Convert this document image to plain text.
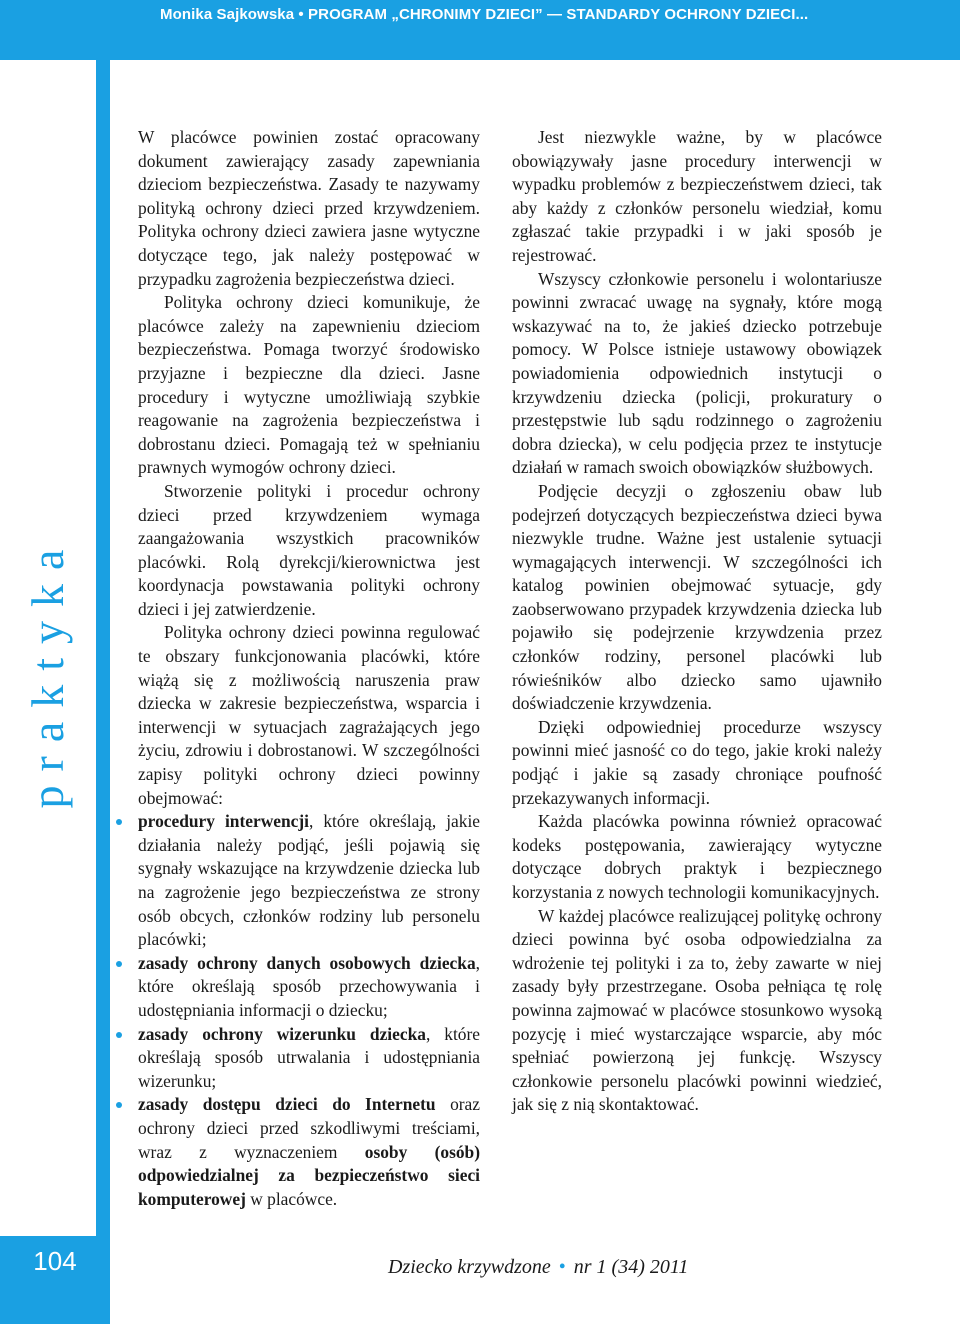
Monika Sajkowska • PROGRAM „CHRONIMY DZIECI” — STANDARDY OCHRONY DZIECI...
praktyka
104

W placówce powinien zostać opracowany dokument zawierający zasady zapewniania dzieciom bezpieczeństwa. Zasady te nazywamy polityką ochrony dzieci przed krzywdzeniem. Polityka ochrony dzieci zawiera jasne wytyczne dotyczące tego, jak należy postępować w przypadku zagrożenia bezpieczeństwa dzieci.

Polityka ochrony dzieci komunikuje, że placówce zależy na zapewnieniu dzieciom bezpieczeństwa. Pomaga tworzyć środowisko przyjazne i bezpieczne dla dzieci. Jasne procedury i wytyczne umożliwiają szybkie reagowanie na zagrożenia bezpieczeństwa i dobrostanu dzieci. Pomagają też w spełnianiu prawnych wymogów ochrony dzieci.

Stworzenie polityki i procedur ochrony dzieci przed krzywdzeniem wymaga zaangażowania wszystkich pracowników placówki. Rolą dyrekcji/kierownictwa jest koordynacja powstawania polityki ochrony dzieci i jej zatwierdzenie.

Polityka ochrony dzieci powinna regulować te obszary funkcjonowania placówki, które wiążą się z możliwością naruszenia praw dziecka w zakresie bezpieczeństwa, wsparcia i interwencji w sytuacjach zagrażających jego życiu, zdrowiu i dobrostanowi. W szczególności zapisy polityki ochrony dzieci powinny obejmować:

procedury interwencji, które określają, jakie działania należy podjąć, jeśli pojawią się sygnały wskazujące na krzywdzenie dziecka lub na zagrożenie jego bezpieczeństwa ze strony osób obcych, członków rodziny lub personelu placówki;
zasady ochrony danych osobowych dziecka, które określają sposób przechowywania i udostępniania informacji o dziecku;
zasady ochrony wizerunku dziecka, które określają sposób utrwalania i udostępniania wizerunku;
zasady dostępu dzieci do Internetu oraz ochrony dzieci przed szkodliwymi treściami, wraz z wyznaczeniem osoby (osób) odpowiedzialnej za bezpieczeństwo sieci komputerowej w placówce.

Jest niezwykle ważne, by w placówce obowiązywały jasne procedury interwencji w wypadku problemów z bezpieczeństwem dzieci, tak aby każdy z członków personelu wiedział, komu zgłaszać takie przypadki i w jaki sposób je rejestrować.

Wszyscy członkowie personelu i wolontariusze powinni zwracać uwagę na sygnały, które mogą wskazywać na to, że jakieś dziecko potrzebuje pomocy. W Polsce istnieje ustawowy obowiązek powiadomienia odpowiednich instytucji o krzywdzeniu dziecka (policji, prokuratury o przestępstwie lub sądu rodzinnego o zagrożeniu dobra dziecka), w celu podjęcia przez te instytucje działań w ramach swoich obowiązków służbowych.

Podjęcie decyzji o zgłoszeniu obaw lub podejrzeń dotyczących bezpieczeństwa dzieci bywa niezwykle trudne. Ważne jest ustalenie sytuacji wymagających interwencji. W szczególności ich katalog powinien obejmować sytuacje, gdy zaobserwowano przypadek krzywdzenia dziecka lub pojawiło się podejrzenie krzywdzenia przez członków rodziny, personel placówki lub rówieśników albo dziecko samo ujawniło doświadczenie krzywdzenia.

Dzięki odpowiedniej procedurze wszyscy powinni mieć jasność co do tego, jakie kroki należy podjąć i jakie są zasady chroniące poufność przekazywanych informacji.

Każda placówka powinna również opracować kodeks postępowania, zawierający wytyczne dotyczące dobrych praktyk i bezpiecznego korzystania z nowych technologii komunikacyjnych.

W każdej placówce realizującej politykę ochrony dzieci powinna być osoba odpowiedzialna za wdrożenie tej polityki i za to, żeby zawarte w niej zasady były przestrzegane. Osoba pełniąca tę rolę powinna zajmować w placówce stosunkowo wysoką pozycję i mieć wystarczające wsparcie, aby móc spełniać powierzoną jej funkcję. Wszyscy członkowie personelu placówki powinni wiedzieć, jak się z nią skontaktować.

Dziecko krzywdzone • nr 1 (34) 2011
